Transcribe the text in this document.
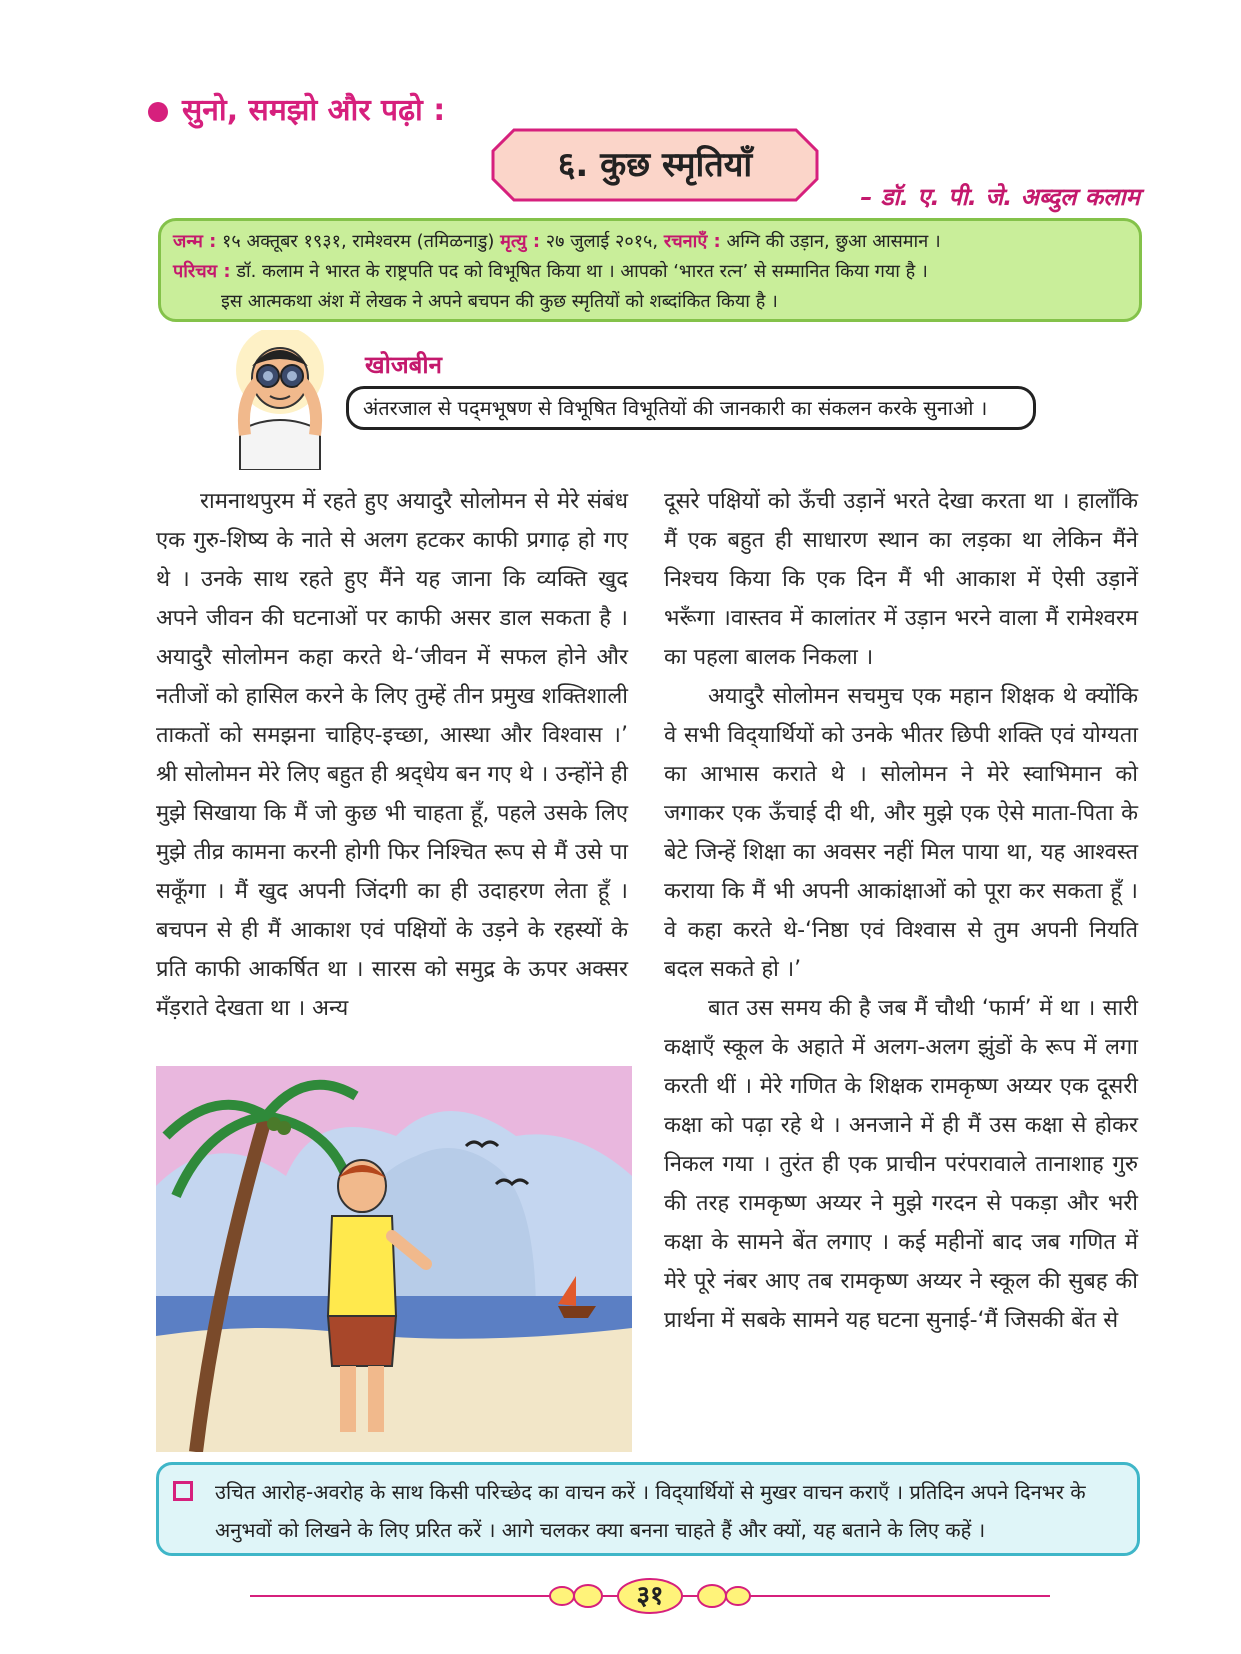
सुनो, समझो और पढ़ो :
६. कुछ स्मृतियाँ
– डॉ. ए. पी. जे. अब्दुल कलाम
जन्म : १५ अक्तूबर १९३१, रामेश्वरम (तमिळनाडु) मृत्यु : २७ जुलाई २०१५, रचनाएँ : अग्नि की उड़ान, छुआ आसमान ।
परिचय : डॉ. कलाम ने भारत के राष्ट्रपति पद को विभूषित किया था । आपको ‘भारत रत्न’ से सम्मानित किया गया है ।
इस आत्मकथा अंश में लेखक ने अपने बचपन की कुछ स्मृतियों को शब्दांकित किया है ।
खोजबीन
अंतरजाल से पद्‌मभूषण से विभूषित विभूतियों की जानकारी का संकलन करके सुनाओ ।

रामनाथपुरम में रहते हुए अयादुरै सोलोमन से मेरे संबंध एक गुरु-शिष्य के नाते से अलग हटकर काफी प्रगाढ़ हो गए थे । उनके साथ रहते हुए मैंने यह जाना कि व्यक्ति खुद अपने जीवन की घटनाओं पर काफी असर डाल सकता है । अयादुरै सोलोमन कहा करते थे-‘जीवन में सफल होने और नतीजों को हासिल करने के लिए तुम्हें तीन प्रमुख शक्तिशाली ताकतों को समझना चाहिए-इच्छा, आस्था और विश्वास ।’ श्री सोलोमन मेरे लिए बहुत ही श्रद्‌धेय बन गए थे । उन्होंने ही मुझे सिखाया कि मैं जो कुछ भी चाहता हूँ, पहले उसके लिए मुझे तीव्र कामना करनी होगी फिर निश्चित रूप से मैं उसे पा सकूँगा । मैं खुद अपनी जिंदगी का ही उदाहरण लेता हूँ । बचपन से ही मैं आकाश एवं पक्षियों के उड़ने के रहस्यों के प्रति काफी आकर्षित था । सारस को समुद्र के ऊपर अक्सर मँड़राते देखता था । अन्य

दूसरे पक्षियों को ऊँची उड़ानें भरते देखा करता था । हालाँकि मैं एक बहुत ही साधारण स्थान का लड़का था लेकिन मैंने निश्चय किया कि एक दिन मैं भी आकाश में ऐसी उड़ानें भरूँगा ।वास्तव में कालांतर में उड़ान भरने वाला मैं रामेश्वरम का पहला बालक निकला ।

अयादुरै सोलोमन सचमुच एक महान शिक्षक थे क्योंकि वे सभी विद्‌यार्थियों को उनके भीतर छिपी शक्ति एवं योग्यता का आभास कराते थे । सोलोमन ने मेरे स्वाभिमान को जगाकर एक ऊँचाई दी थी, और मुझे एक ऐसे माता-पिता के बेटे जिन्हें शिक्षा का अवसर नहीं मिल पाया था, यह आश्वस्त कराया कि मैं भी अपनी आकांक्षाओं को पूरा कर सकता हूँ । वे कहा करते थे-‘निष्ठा एवं विश्वास से तुम अपनी नियति बदल सकते हो ।’

बात उस समय की है जब मैं चौथी ‘फार्म’ में था । सारी कक्षाएँ स्कूल के अहाते में अलग-अलग झुंडों के रूप में लगा करती थीं । मेरे गणित के शिक्षक रामकृष्ण अय्यर एक दूसरी कक्षा को पढ़ा रहे थे । अनजाने में ही मैं उस कक्षा से होकर निकल गया । तुरंत ही एक प्राचीन परंपरावाले तानाशाह गुरु की तरह रामकृष्ण अय्यर ने मुझे गरदन से पकड़ा और भरी कक्षा के सामने बेंत लगाए । कई महीनों बाद जब गणित में मेरे पूरे नंबर आए तब रामकृष्ण अय्यर ने स्कूल की सुबह की प्रार्थना में सबके सामने यह घटना सुनाई-‘मैं जिसकी बेंत से

उचित आरोह-अवरोह के साथ किसी परिच्छेद का वाचन करें । विद्‌यार्थियों से मुखर वाचन कराएँ । प्रतिदिन अपने दिनभर के अनुभवों को लिखने के लिए प्ररित करें । आगे चलकर क्या बनना चाहते हैं और क्यों, यह बताने के लिए कहें ।
३१
